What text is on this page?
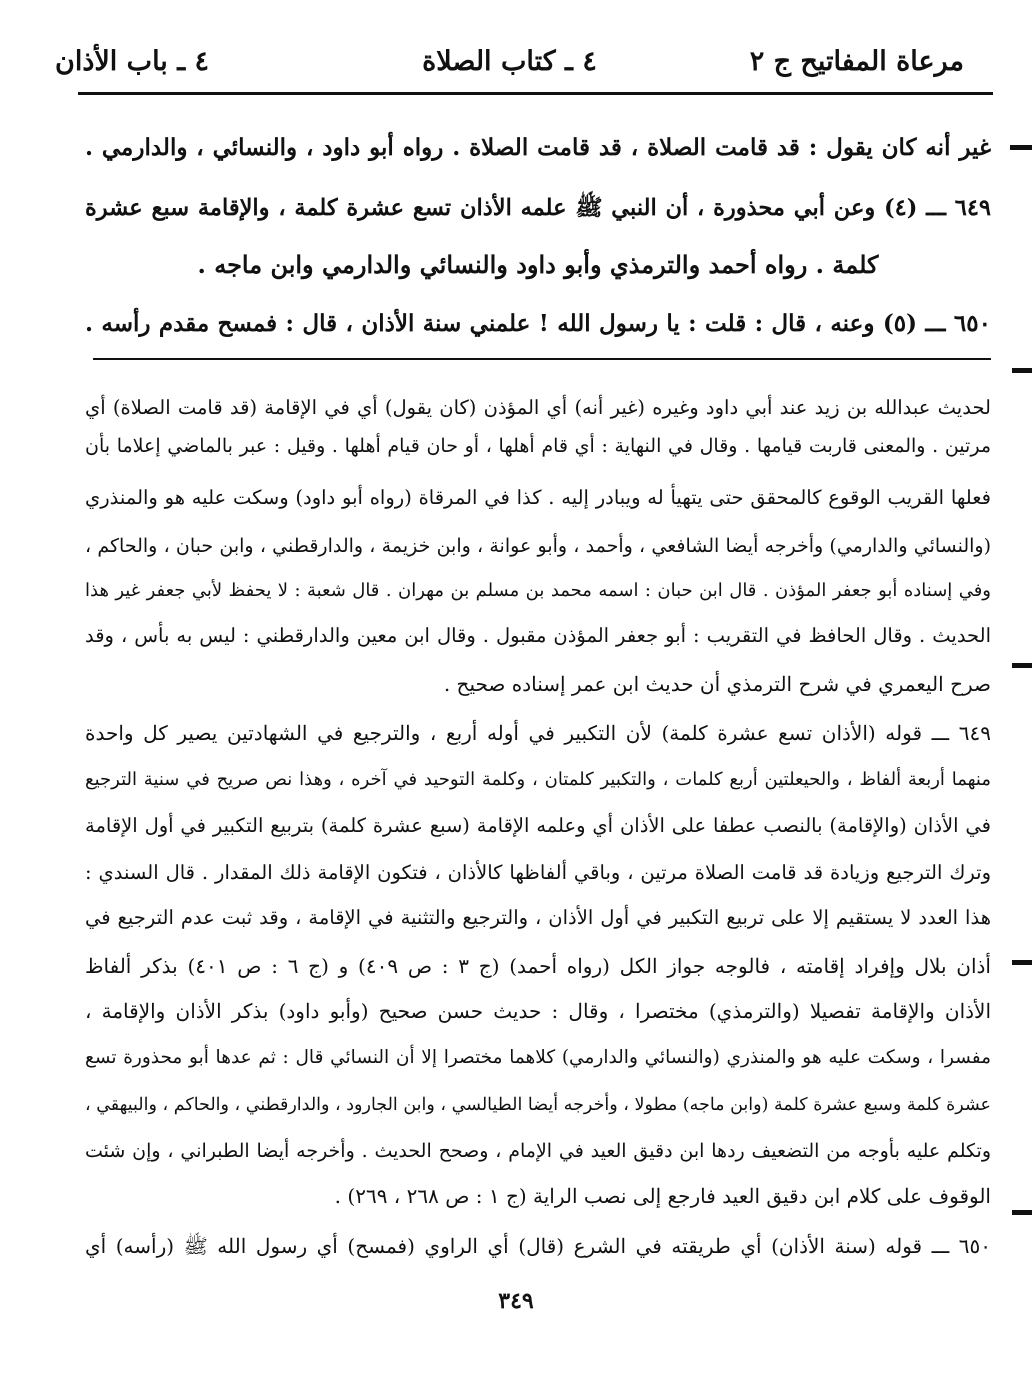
مرعاة المفاتيح ج ٢
٤ ـ كتاب الصلاة
٤ ـ باب الأذان
غير أنه كان يقول : قد قامت الصلاة ، قد قامت الصلاة . رواه أبو داود ، والنسائي ، والدارمي .
٦٤٩ ـــ (٤) وعن أبي محذورة ، أن النبي ﷺ علمه الأذان تسع عشرة كلمة ، والإقامة سبع عشرة
كلمة . رواه أحمد والترمذي وأبو داود والنسائي والدارمي وابن ماجه .
٦٥٠ ـــ (٥) وعنه ، قال : قلت : يا رسول الله ! علمني سنة الأذان ، قال : فمسح مقدم رأسه .
لحديث عبدالله بن زيد عند أبي داود وغيره (غير أنه) أي المؤذن (كان يقول) أي في الإقامة (قد قامت الصلاة) أي
مرتين . والمعنى قاربت قيامها . وقال في النهاية : أي قام أهلها ، أو حان قيام أهلها . وقيل : عبر بالماضي إعلاما بأن
فعلها القريب الوقوع كالمحقق حتى يتهيأ له ويبادر إليه . كذا في المرقاة (رواه أبو داود) وسكت عليه هو والمنذري
(والنسائي والدارمي) وأخرجه أيضا الشافعي ، وأحمد ، وأبو عوانة ، وابن خزيمة ، والدارقطني ، وابن حبان ، والحاكم ،
وفي إسناده أبو جعفر المؤذن . قال ابن حبان : اسمه محمد بن مسلم بن مهران . قال شعبة : لا يحفظ لأبي جعفر غير هذا
الحديث . وقال الحافظ في التقريب : أبو جعفر المؤذن مقبول . وقال ابن معين والدارقطني : ليس به بأس ، وقد
صرح اليعمري في شرح الترمذي أن حديث ابن عمر إسناده صحيح .
٦٤٩ ـــ قوله (الأذان تسع عشرة كلمة) لأن التكبير في أوله أربع ، والترجيع في الشهادتين يصير كل واحدة
منهما أربعة ألفاظ ، والحيعلتين أربع كلمات ، والتكبير كلمتان ، وكلمة التوحيد في آخره ، وهذا نص صريح في سنية الترجيع
في الأذان (والإقامة) بالنصب عطفا على الأذان أي وعلمه الإقامة (سبع عشرة كلمة) بتربيع التكبير في أول الإقامة
وترك الترجيع وزيادة قد قامت الصلاة مرتين ، وباقي ألفاظها كالأذان ، فتكون الإقامة ذلك المقدار . قال السندي :
هذا العدد لا يستقيم إلا على تربيع التكبير في أول الأذان ، والترجيع والتثنية في الإقامة ، وقد ثبت عدم الترجيع في
أذان بلال وإفراد إقامته ، فالوجه جواز الكل (رواه أحمد) (ج ٣ : ص ٤٠٩) و (ج ٦ : ص ٤٠١) بذكر ألفاظ
الأذان والإقامة تفصيلا (والترمذي) مختصرا ، وقال : حديث حسن صحيح (وأبو داود) بذكر الأذان والإقامة ،
مفسرا ، وسكت عليه هو والمنذري (والنسائي والدارمي) كلاهما مختصرا إلا أن النسائي قال : ثم عدها أبو محذورة تسع
عشرة كلمة وسبع عشرة كلمة (وابن ماجه) مطولا ، وأخرجه أيضا الطيالسي ، وابن الجارود ، والدارقطني ، والحاكم ، والبيهقي ،
وتكلم عليه بأوجه من التضعيف ردها ابن دقيق العيد في الإمام ، وصحح الحديث . وأخرجه أيضا الطبراني ، وإن شئت
الوقوف على كلام ابن دقيق العيد فارجع إلى نصب الراية (ج ١ : ص ٢٦٨ ، ٢٦٩) .
٦٥٠ ـــ قوله (سنة الأذان) أي طريقته في الشرع (قال) أي الراوي (فمسح) أي رسول الله ﷺ (رأسه) أي
٣٤٩
